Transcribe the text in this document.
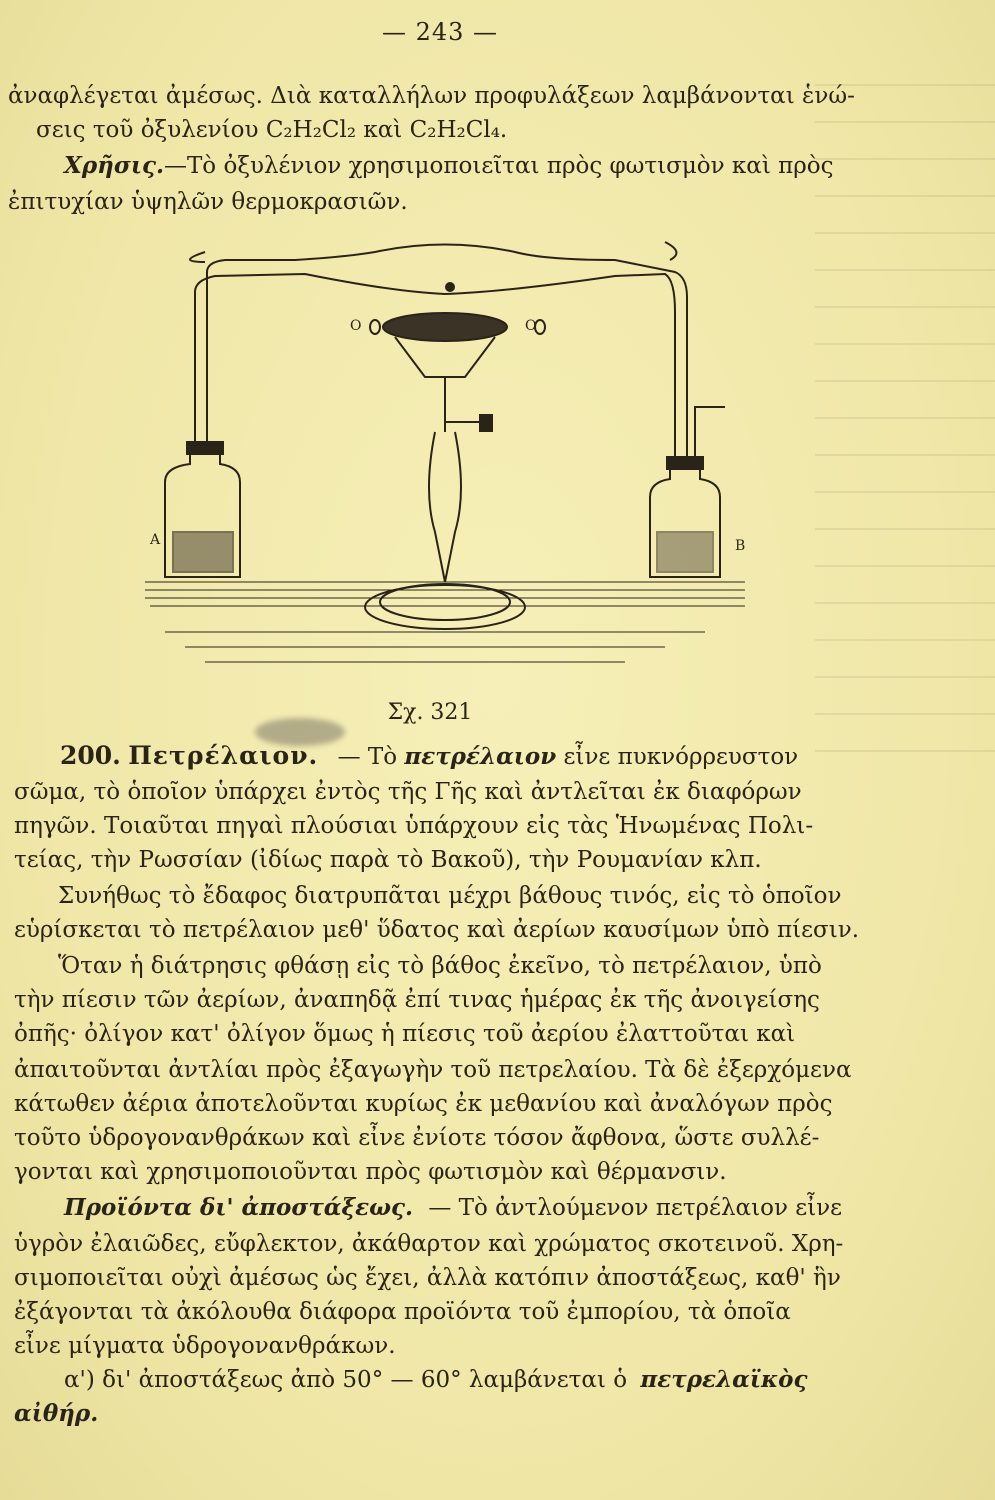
— 243 —
ἀναφλέγεται ἀμέσως. Διὰ καταλλήλων προφυλάξεων λαμβάνονται ἑνώ-
σεις τοῦ ὀξυλενίου C₂H₂Cl₂ καὶ C₂H₂Cl₄.
Χρῆσις.—Τὸ ὀξυλένιον χρησιμοποιεῖται πρὸς φωτισμὸν καὶ πρὸς
ἐπιτυχίαν ὑψηλῶν θερμοκρασιῶν.
A	B
O	O
Σχ. 321
200. Πετρέλαιον. — Τὸ πετρέλαιον εἶνε πυκνόρρευστον
σῶμα, τὸ ὁποῖον ὑπάρχει ἐντὸς τῆς Γῆς καὶ ἀντλεῖται ἐκ διαφόρων
πηγῶν. Τοιαῦται πηγαὶ πλούσιαι ὑπάρχουν εἰς τὰς Ἡνωμένας Πολι-
τείας, τὴν Ρωσσίαν (ἰδίως παρὰ τὸ Βακοῦ), τὴν Ρουμανίαν κλπ.
Συνήθως τὸ ἔδαφος διατρυπᾶται μέχρι βάθους τινός, εἰς τὸ ὁποῖον
εὑρίσκεται τὸ πετρέλαιον μεθ' ὕδατος καὶ ἀερίων καυσίμων ὑπὸ πίεσιν.
Ὅταν ἡ διάτρησις φθάσῃ εἰς τὸ βάθος ἐκεῖνο, τὸ πετρέλαιον, ὑπὸ
τὴν πίεσιν τῶν ἀερίων, ἀναπηδᾷ ἐπί τινας ἡμέρας ἐκ τῆς ἀνοιγείσης
ὀπῆς· ὀλίγον κατ' ὀλίγον ὅμως ἡ πίεσις τοῦ ἀερίου ἐλαττοῦται καὶ
ἀπαιτοῦνται ἀντλίαι πρὸς ἐξαγωγὴν τοῦ πετρελαίου. Τὰ δὲ ἐξερχόμενα
κάτωθεν ἀέρια ἀποτελοῦνται κυρίως ἐκ μεθανίου καὶ ἀναλόγων πρὸς
τοῦτο ὑδρογονανθράκων καὶ εἶνε ἐνίοτε τόσον ἄφθονα, ὥστε συλλέ-
γονται καὶ χρησιμοποιοῦνται πρὸς φωτισμὸν καὶ θέρμανσιν.
Προϊόντα δι' ἀποστάξεως. — Τὸ ἀντλούμενον πετρέλαιον εἶνε
ὑγρὸν ἐλαιῶδες, εὔφλεκτον, ἀκάθαρτον καὶ χρώματος σκοτεινοῦ. Χρη-
σιμοποιεῖται οὐχὶ ἀμέσως ὡς ἔχει, ἀλλὰ κατόπιν ἀποστάξεως, καθ' ἣν
ἐξάγονται τὰ ἀκόλουθα διάφορα προϊόντα τοῦ ἐμπορίου, τὰ ὁποῖα
εἶνε μίγματα ὑδρογονανθράκων.
α') δι' ἀποστάξεως ἀπὸ 50° — 60° λαμβάνεται ὁ πετρελαϊκὸς
αἰθήρ.
